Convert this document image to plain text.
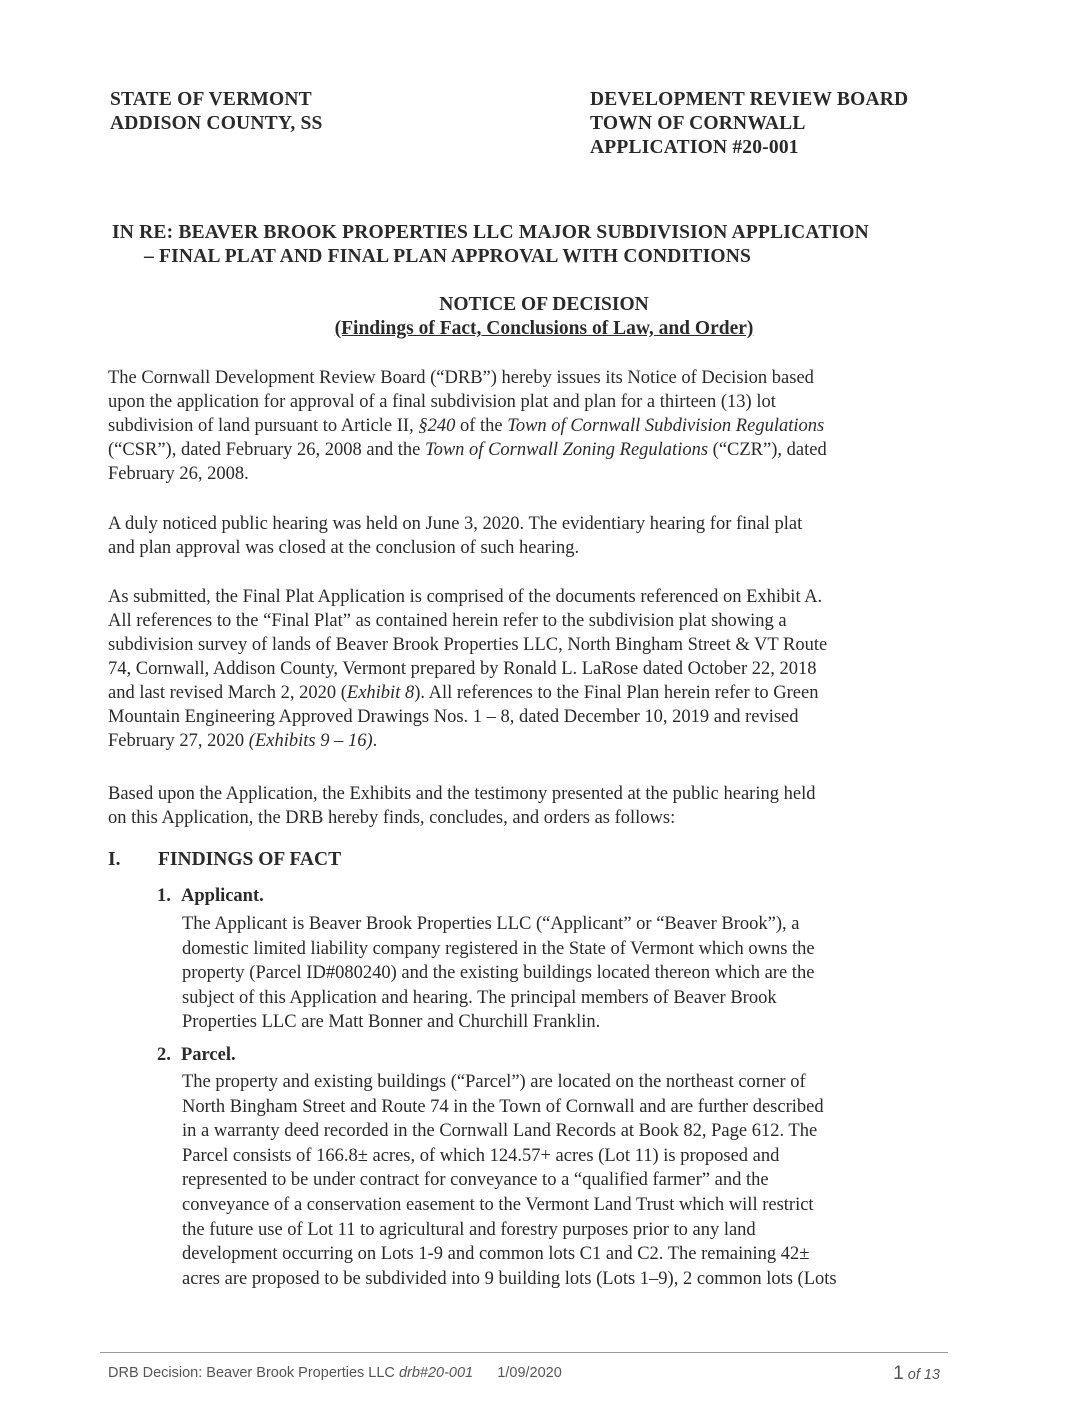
STATE OF VERMONT
ADDISON COUNTY, SS
DEVELOPMENT REVIEW BOARD
TOWN OF CORNWALL
APPLICATION #20-001
IN RE: BEAVER BROOK PROPERTIES LLC MAJOR SUBDIVISION APPLICATION
– FINAL PLAT AND FINAL PLAN APPROVAL WITH CONDITIONS
NOTICE OF DECISION
(Findings of Fact, Conclusions of Law, and Order)
The Cornwall Development Review Board (“DRB”) hereby issues its Notice of Decision based
upon the application for approval of a final subdivision plat and plan for a thirteen (13) lot
subdivision of land pursuant to Article II, §240 of the Town of Cornwall Subdivision Regulations
(“CSR”), dated February 26, 2008 and the Town of Cornwall Zoning Regulations (“CZR”), dated
February 26, 2008.
A duly noticed public hearing was held on June 3, 2020. The evidentiary hearing for final plat
and plan approval was closed at the conclusion of such hearing.
As submitted, the Final Plat Application is comprised of the documents referenced on Exhibit A.
All references to the “Final Plat” as contained herein refer to the subdivision plat showing a
subdivision survey of lands of Beaver Brook Properties LLC, North Bingham Street & VT Route
74, Cornwall, Addison County, Vermont prepared by Ronald L. LaRose dated October 22, 2018
and last revised March 2, 2020 (Exhibit 8). All references to the Final Plan herein refer to Green
Mountain Engineering Approved Drawings Nos. 1 – 8, dated December 10, 2019 and revised
February 27, 2020 (Exhibits 9 – 16).
Based upon the Application, the Exhibits and the testimony presented at the public hearing held
on this Application, the DRB hereby finds, concludes, and orders as follows:
I. FINDINGS OF FACT
1. Applicant.
The Applicant is Beaver Brook Properties LLC (“Applicant” or “Beaver Brook”), a
domestic limited liability company registered in the State of Vermont which owns the
property (Parcel ID#080240) and the existing buildings located thereon which are the
subject of this Application and hearing. The principal members of Beaver Brook
Properties LLC are Matt Bonner and Churchill Franklin.
2. Parcel.
The property and existing buildings (“Parcel”) are located on the northeast corner of
North Bingham Street and Route 74 in the Town of Cornwall and are further described
in a warranty deed recorded in the Cornwall Land Records at Book 82, Page 612. The
Parcel consists of 166.8± acres, of which 124.57+ acres (Lot 11) is proposed and
represented to be under contract for conveyance to a “qualified farmer” and the
conveyance of a conservation easement to the Vermont Land Trust which will restrict
the future use of Lot 11 to agricultural and forestry purposes prior to any land
development occurring on Lots 1-9 and common lots C1 and C2. The remaining 42±
acres are proposed to be subdivided into 9 building lots (Lots 1–9), 2 common lots (Lots
DRB Decision: Beaver Brook Properties LLC drb#20-001 1/09/2020	1 of 13
